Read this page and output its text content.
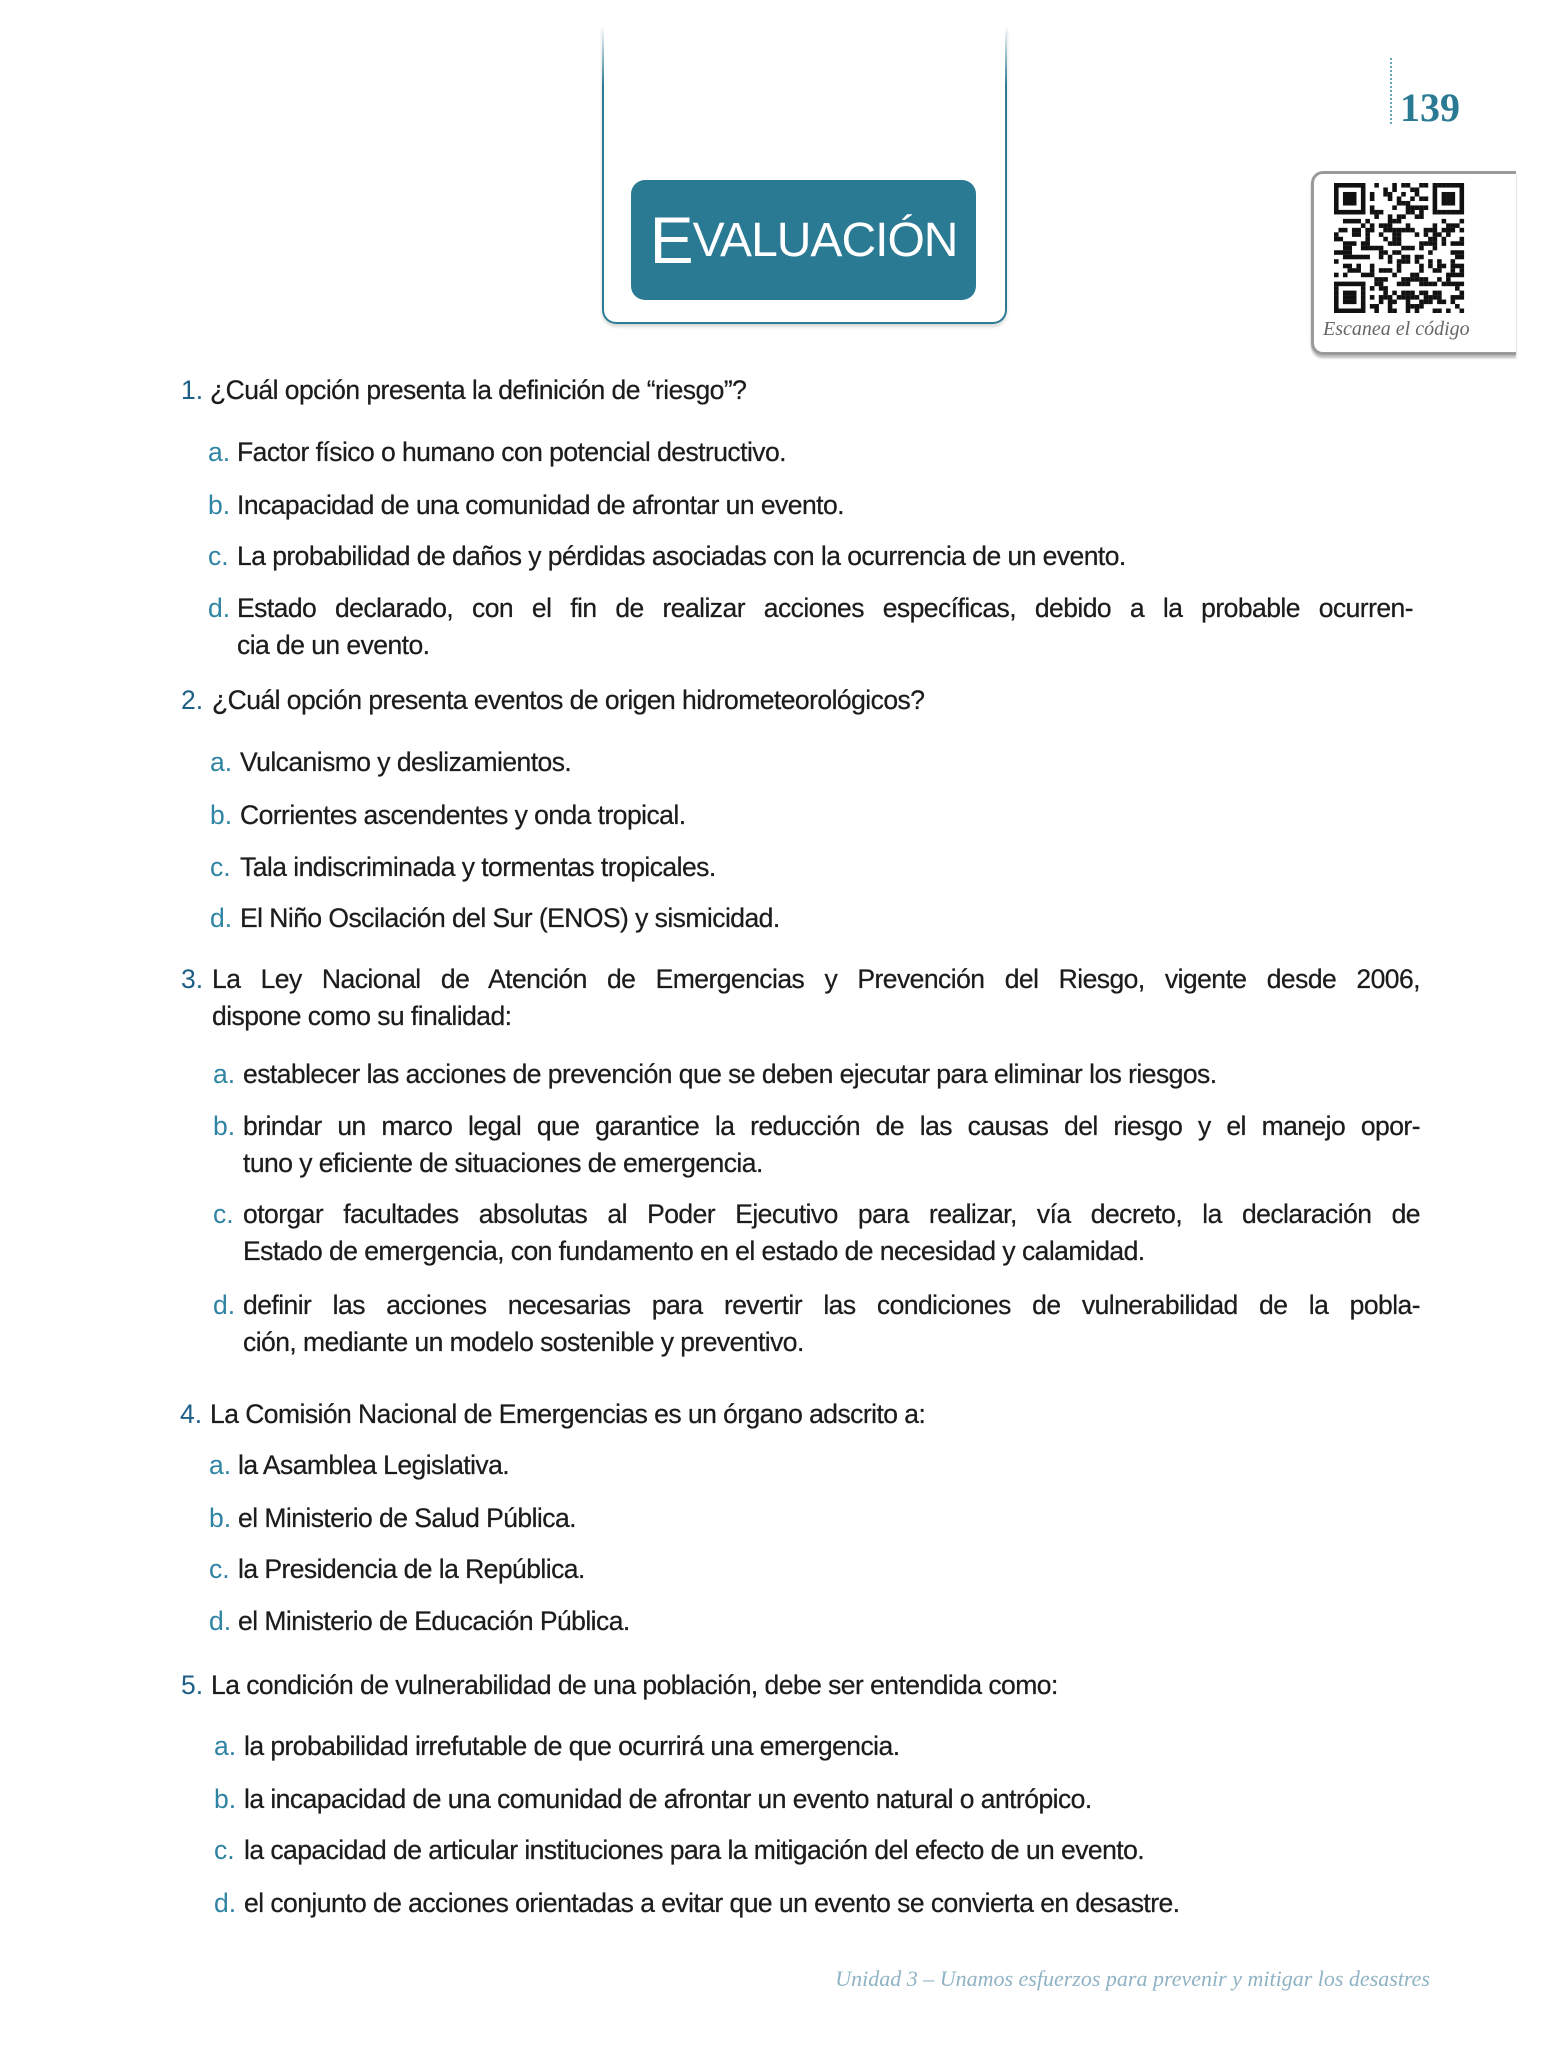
E VALUACIÓN
139
Escanea el código
1. ¿Cuál opción presenta la definición de “riesgo”?
a. Factor físico o humano con potencial destructivo.
b. Incapacidad de una comunidad de afrontar un evento.
c. La probabilidad de daños y pérdidas asociadas con la ocurrencia de un evento.
d. Estado declarado, con el fin de realizar acciones específicas, debido a la probable ocurren-
cia de un evento.
2. ¿Cuál opción presenta eventos de origen hidrometeorológicos?
a. Vulcanismo y deslizamientos.
b. Corrientes ascendentes y onda tropical.
c. Tala indiscriminada y tormentas tropicales.
d. El Niño Oscilación del Sur (ENOS) y sismicidad.
3. La Ley Nacional de Atención de Emergencias y Prevención del Riesgo, vigente desde 2006,
dispone como su finalidad:
a. establecer las acciones de prevención que se deben ejecutar para eliminar los riesgos.
b. brindar un marco legal que garantice la reducción de las causas del riesgo y el manejo opor-
tuno y eficiente de situaciones de emergencia.
c. otorgar facultades absolutas al Poder Ejecutivo para realizar, vía decreto, la declaración de
Estado de emergencia, con fundamento en el estado de necesidad y calamidad.
d. definir las acciones necesarias para revertir las condiciones de vulnerabilidad de la pobla-
ción, mediante un modelo sostenible y preventivo.
4. La Comisión Nacional de Emergencias es un órgano adscrito a:
a. la Asamblea Legislativa.
b. el Ministerio de Salud Pública.
c. la Presidencia de la República.
d. el Ministerio de Educación Pública.
5. La condición de vulnerabilidad de una población, debe ser entendida como:
a. la probabilidad irrefutable de que ocurrirá una emergencia.
b. la incapacidad de una comunidad de afrontar un evento natural o antrópico.
c. la capacidad de articular instituciones para la mitigación del efecto de un evento.
d. el conjunto de acciones orientadas a evitar que un evento se convierta en desastre.
Unidad 3 – Unamos esfuerzos para prevenir y mitigar los desastres
